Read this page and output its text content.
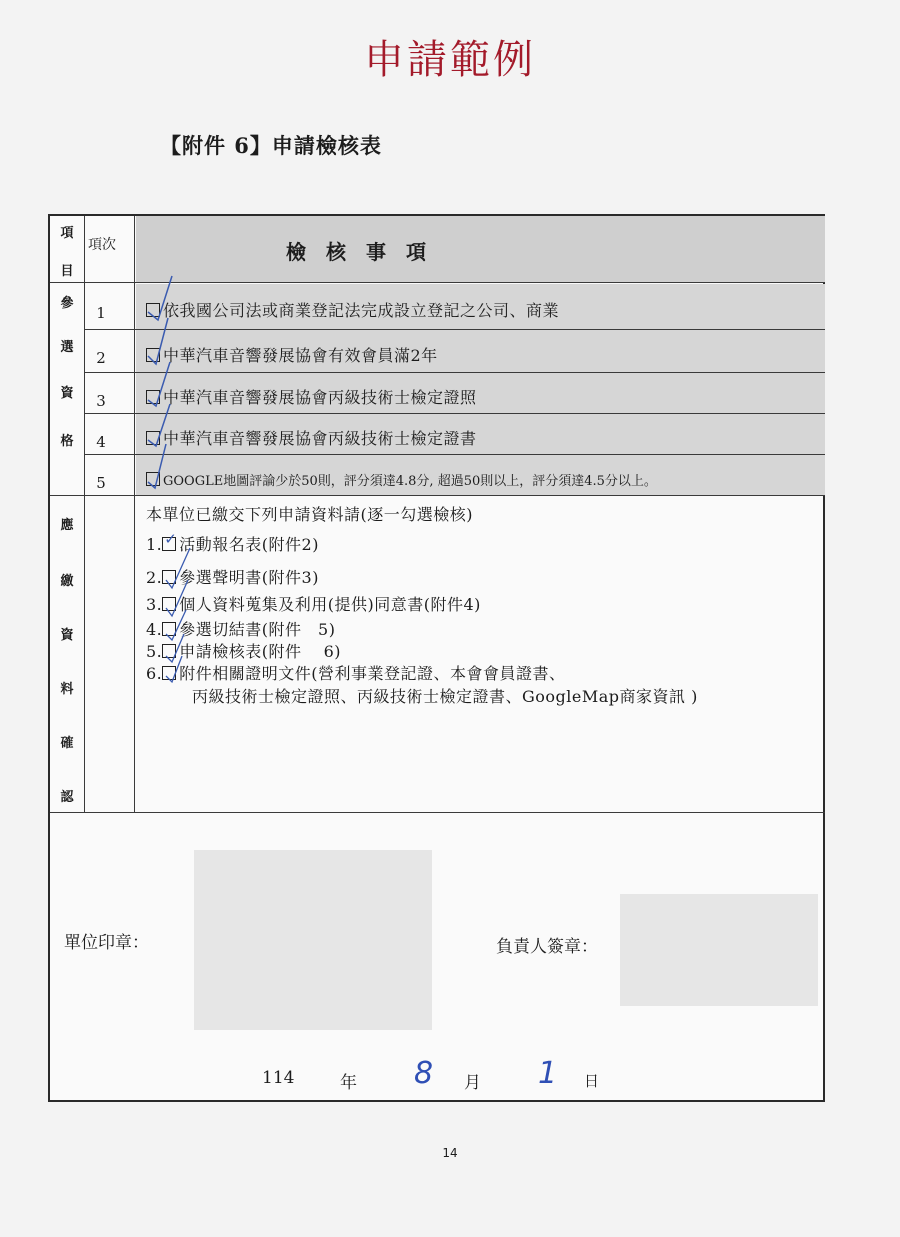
申請範例
【附件 6】申請檢核表
項
目
項次	檢　核　事　項
參
選
資
格
1	依我國公司法或商業登記法完成設立登記之公司、商業
2	中華汽車音響發展協會有效會員滿2年
3	中華汽車音響發展協會丙級技術士檢定證照
4	中華汽車音響發展協會丙級技術士檢定證書
5	GOOGLE地圖評論少於50則，評分須達4.8分, 超過50則以上，評分須達4.5分以上。
應
繳
資
料
確
認
本單位已繳交下列申請資料請(逐一勾選檢核)
1. ✓ 活動報名表(附件2)
2. 參選聲明書(附件3)
3. 個人資料蒐集及利用(提供)同意書(附件4)
4. 參選切結書(附件　5)
5. 申請檢核表(附件　 6)
6. 附件相關證明文件(營利事業登記證、本會會員證書、
丙級技術士檢定證照、丙級技術士檢定證書、GoogleMap商家資訊 )
單位印章：	負責人簽章：
114	年 8 月 1 日
14
